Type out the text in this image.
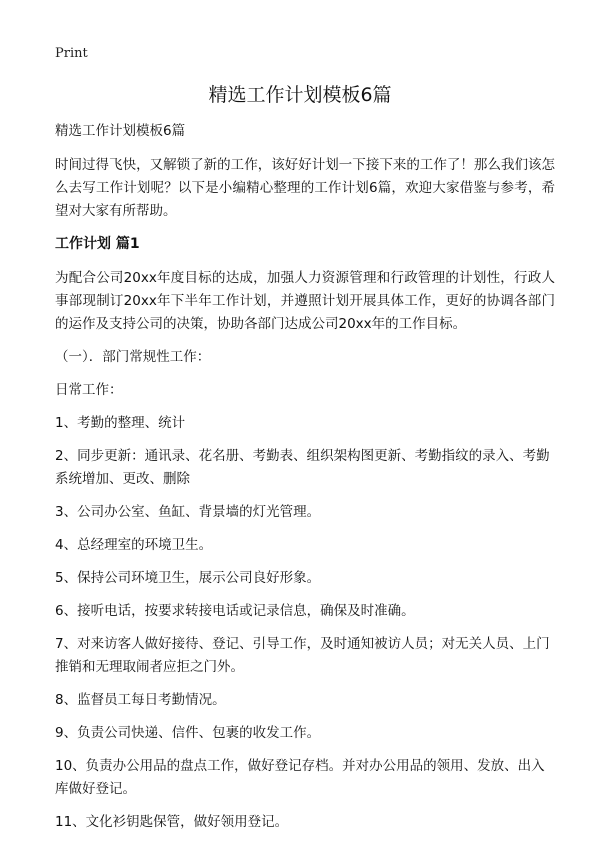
Print
精选工作计划模板6篇

精选工作计划模板6篇

时间过得飞快，又解锁了新的工作，该好好计划一下接下来的工作了！那么我们该怎么去写工作计划呢？以下是小编精心整理的工作计划6篇，欢迎大家借鉴与参考，希望对大家有所帮助。

工作计划 篇1

为配合公司20xx年度目标的达成，加强人力资源管理和行政管理的计划性，行政人事部现制订20xx年下半年工作计划，并遵照计划开展具体工作，更好的协调各部门的运作及支持公司的决策，协助各部门达成公司20xx年的工作目标。

（一）．部门常规性工作：

日常工作：

1、考勤的整理、统计

2、同步更新：通讯录、花名册、考勤表、组织架构图更新、考勤指纹的录入、考勤系统增加、更改、删除

3、公司办公室、鱼缸、背景墙的灯光管理。

4、总经理室的环境卫生。

5、保持公司环境卫生，展示公司良好形象。

6、接听电话，按要求转接电话或记录信息，确保及时准确。

7、对来访客人做好接待、登记、引导工作，及时通知被访人员；对无关人员、上门推销和无理取闹者应拒之门外。

8、监督员工每日考勤情况。

9、负责公司快递、信件、包裹的收发工作。

10、负责办公用品的盘点工作，做好登记存档。并对办公用品的领用、发放、出入库做好登记。

11、文化衫钥匙保管，做好领用登记。
